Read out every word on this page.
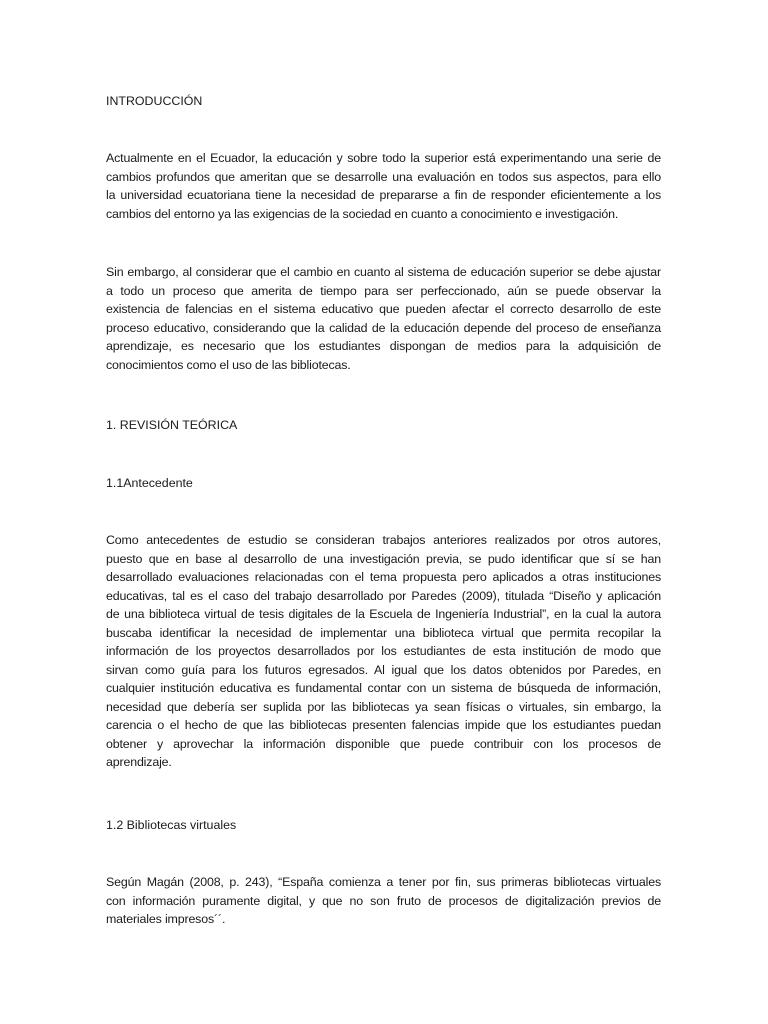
INTRODUCCIÓN
Actualmente en el Ecuador, la educación y sobre todo la superior está experimentando una serie de
cambios profundos que ameritan que se desarrolle una evaluación en todos sus aspectos, para ello
la universidad ecuatoriana tiene la necesidad de prepararse a fin de responder eficientemente a los
cambios del entorno ya las exigencias de la sociedad en cuanto a conocimiento e investigación.
Sin embargo, al considerar que el cambio en cuanto al sistema de educación superior se debe ajustar
a todo un proceso que amerita de tiempo para ser perfeccionado, aún se puede observar la
existencia de falencias en el sistema educativo que pueden afectar el correcto desarrollo de este
proceso educativo, considerando que la calidad de la educación depende del proceso de enseñanza
aprendizaje, es necesario que los estudiantes dispongan de medios para la adquisición de
conocimientos como el uso de las bibliotecas.
1. REVISIÓN TEÓRICA
1.1Antecedente
Como antecedentes de estudio se consideran trabajos anteriores realizados por otros autores,
puesto que en base al desarrollo de una investigación previa, se pudo identificar que sí se han
desarrollado evaluaciones relacionadas con el tema propuesta pero aplicados a otras instituciones
educativas, tal es el caso del trabajo desarrollado por Paredes (2009), titulada “Diseño y aplicación
de una biblioteca virtual de tesis digitales de la Escuela de Ingeniería Industrial”, en la cual la autora
buscaba identificar la necesidad de implementar una biblioteca virtual que permita recopilar la
información de los proyectos desarrollados por los estudiantes de esta institución de modo que
sirvan como guía para los futuros egresados. Al igual que los datos obtenidos por Paredes, en
cualquier institución educativa es fundamental contar con un sistema de búsqueda de información,
necesidad que debería ser suplida por las bibliotecas ya sean físicas o virtuales, sin embargo, la
carencia o el hecho de que las bibliotecas presenten falencias impide que los estudiantes puedan
obtener y aprovechar la información disponible que puede contribuir con los procesos de
aprendizaje.
1.2 Bibliotecas virtuales
Según Magán (2008, p. 243), “España comienza a tener por fin, sus primeras bibliotecas virtuales
con información puramente digital, y que no son fruto de procesos de digitalización previos de
materiales impresos´´.
